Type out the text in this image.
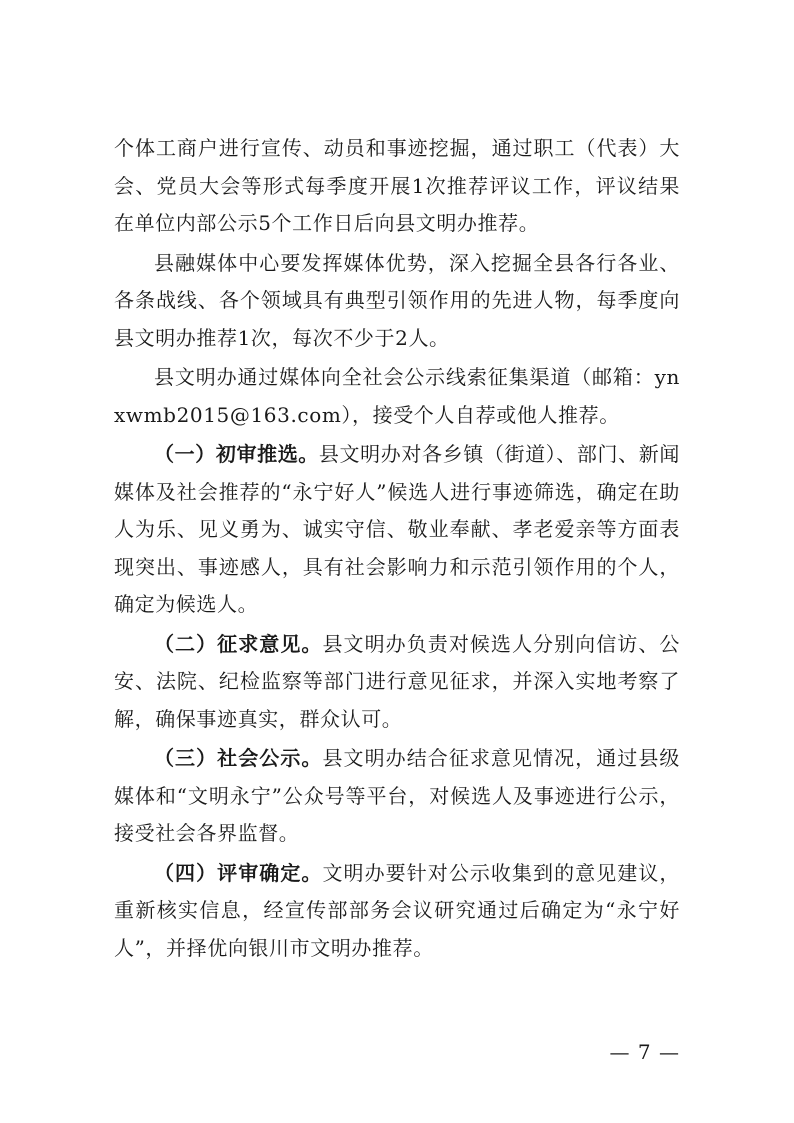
个体工商户进行宣传、动员和事迹挖掘，通过职工（代表）大会、党员大会等形式每季度开展1次推荐评议工作，评议结果在单位内部公示5个工作日后向县文明办推荐。

县融媒体中心要发挥媒体优势，深入挖掘全县各行各业、各条战线、各个领域具有典型引领作用的先进人物，每季度向县文明办推荐1次，每次不少于2人。

县文明办通过媒体向全社会公示线索征集渠道（邮箱：ynxwmb2015@163.com），接受个人自荐或他人推荐。

（一）初审推选。县文明办对各乡镇（街道）、部门、新闻媒体及社会推荐的“永宁好人”候选人进行事迹筛选，确定在助人为乐、见义勇为、诚实守信、敬业奉献、孝老爱亲等方面表现突出、事迹感人，具有社会影响力和示范引领作用的个人，确定为候选人。

（二）征求意见。县文明办负责对候选人分别向信访、公安、法院、纪检监察等部门进行意见征求，并深入实地考察了解，确保事迹真实，群众认可。

（三）社会公示。县文明办结合征求意见情况，通过县级媒体和“文明永宁”公众号等平台，对候选人及事迹进行公示，接受社会各界监督。

（四）评审确定。文明办要针对公示收集到的意见建议，重新核实信息，经宣传部部务会议研究通过后确定为“永宁好人”，并择优向银川市文明办推荐。

— 7 —
